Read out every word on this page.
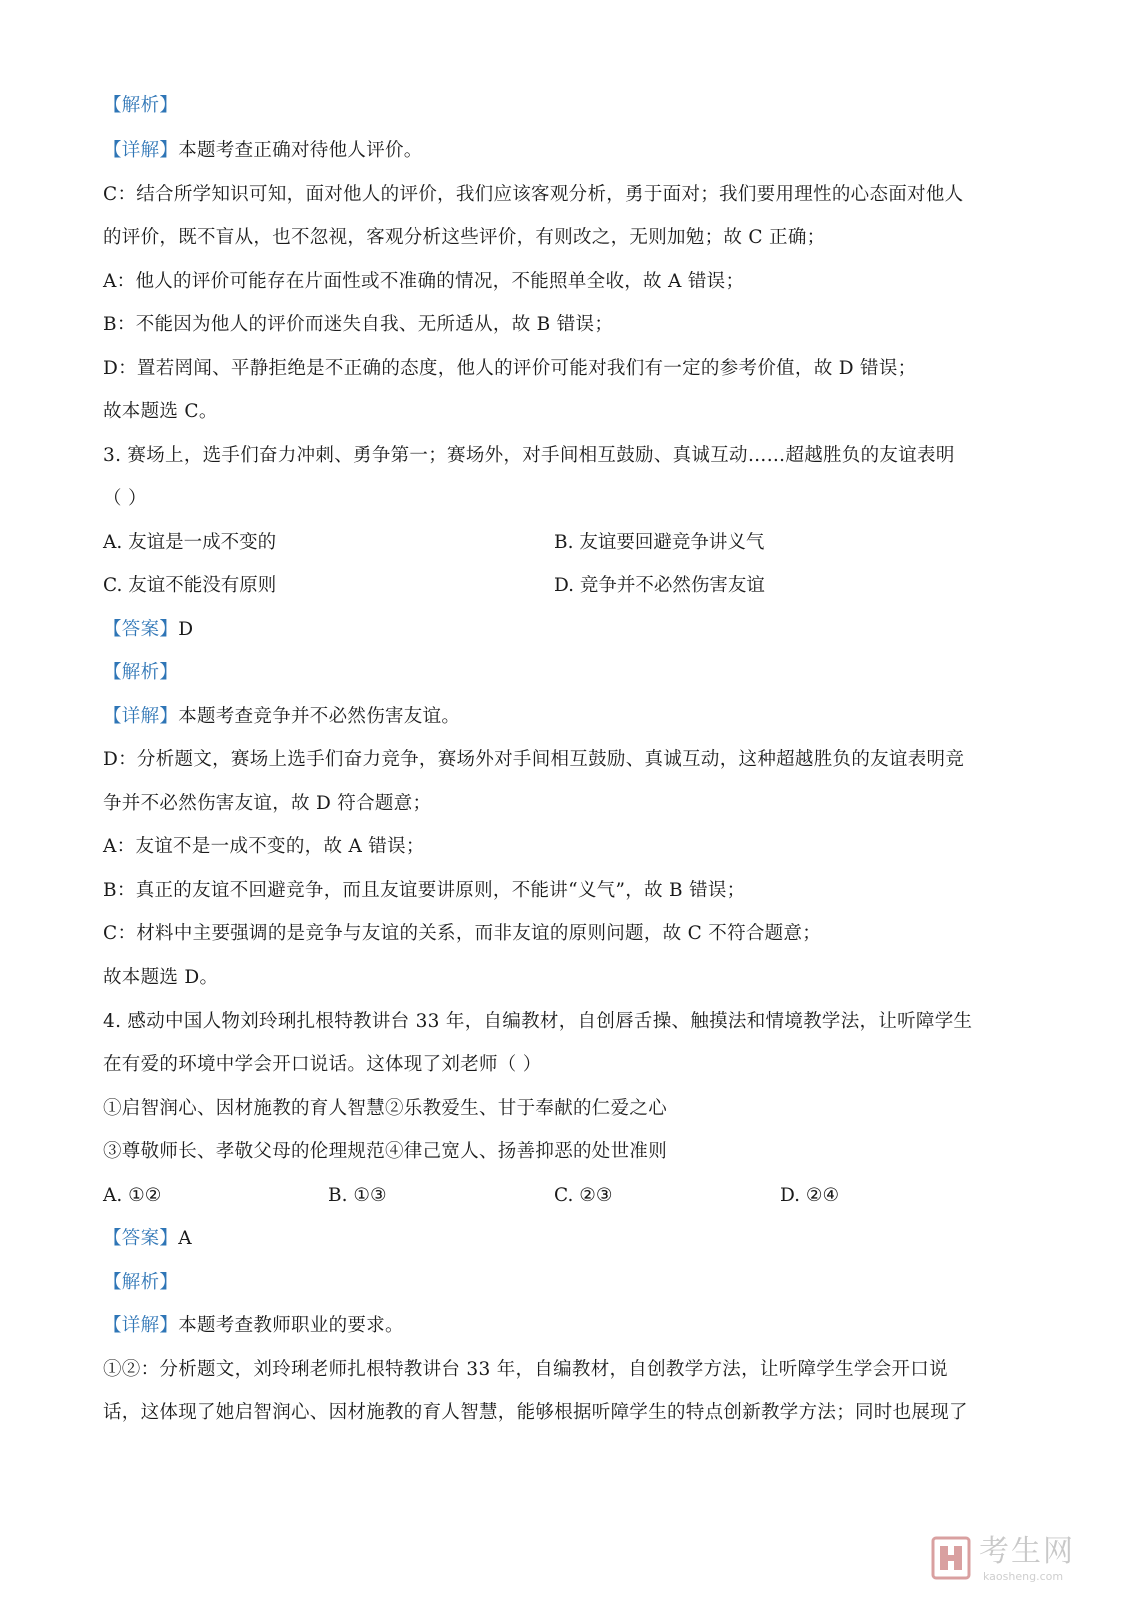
【解析】
【详解】本题考查正确对待他人评价。
C：结合所学知识可知，面对他人的评价，我们应该客观分析，勇于面对；我们要用理性的心态面对他人
的评价，既不盲从，也不忽视，客观分析这些评价，有则改之，无则加勉；故 C 正确；
A：他人的评价可能存在片面性或不准确的情况，不能照单全收，故 A 错误；
B：不能因为他人的评价而迷失自我、无所适从，故 B 错误；
D：置若罔闻、平静拒绝是不正确的态度，他人的评价可能对我们有一定的参考价值，故 D 错误；
故本题选 C。
3. 赛场上，选手们奋力冲刺、勇争第一；赛场外，对手间相互鼓励、真诚互动……超越胜负的友谊表明
（ ）
A. 友谊是一成不变的	B. 友谊要回避竞争讲义气
C. 友谊不能没有原则	D. 竞争并不必然伤害友谊
【答案】D
【解析】
【详解】本题考查竞争并不必然伤害友谊。
D：分析题文，赛场上选手们奋力竞争，赛场外对手间相互鼓励、真诚互动，这种超越胜负的友谊表明竞
争并不必然伤害友谊，故 D 符合题意；
A：友谊不是一成不变的，故 A 错误；
B：真正的友谊不回避竞争，而且友谊要讲原则，不能讲“义气”，故 B 错误；
C：材料中主要强调的是竞争与友谊的关系，而非友谊的原则问题，故 C 不符合题意；
故本题选 D。
4. 感动中国人物刘玲琍扎根特教讲台 33 年，自编教材，自创唇舌操、触摸法和情境教学法，让听障学生
在有爱的环境中学会开口说话。这体现了刘老师（ ）
①启智润心、因材施教的育人智慧②乐教爱生、甘于奉献的仁爱之心
③尊敬师长、孝敬父母的伦理规范④律己宽人、扬善抑恶的处世准则
A. ①②	B. ①③	C. ②③	D. ②④
【答案】A
【解析】
【详解】本题考查教师职业的要求。
①②：分析题文，刘玲琍老师扎根特教讲台 33 年，自编教材，自创教学方法，让听障学生学会开口说
话，这体现了她启智润心、因材施教的育人智慧，能够根据听障学生的特点创新教学方法；同时也展现了
考生网
kaosheng.com
